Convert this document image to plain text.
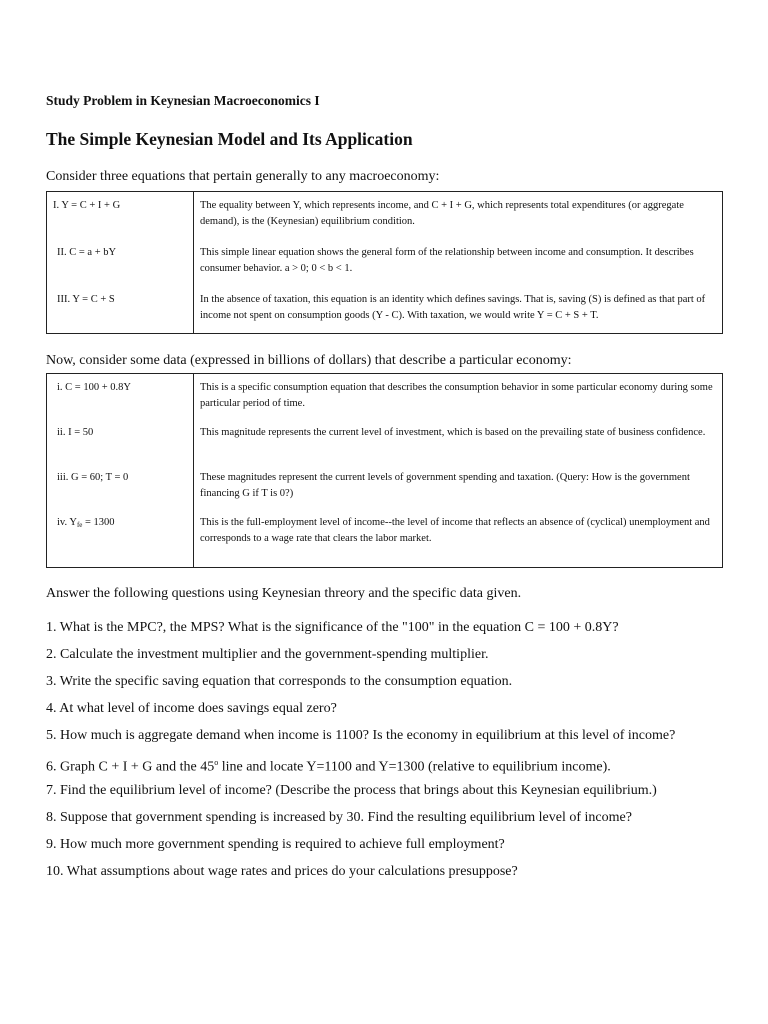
Study Problem in Keynesian Macroeconomics I
The Simple Keynesian Model and Its Application
Consider three equations that pertain generally to any macroeconomy:
I. Y = C + I + G	The equality between Y, which represents income, and C + I + G, which represents total expenditures (or aggregate demand), is the (Keynesian) equilibrium condition.

II. C = a + bY	This simple linear equation shows the general form of the relationship between income and consumption. It describes consumer behavior. a > 0; 0 < b < 1.

III. Y = C + S	In the absence of taxation, this equation is an identity which defines savings. That is, saving (S) is defined as that part of income not spent on consumption goods (Y - C). With taxation, we would write Y = C + S + T.
Now, consider some data (expressed in billions of dollars) that describe a particular economy:
i. C = 100 + 0.8Y	This is a specific consumption equation that describes the consumption behavior in some particular economy during some particular period of time.

ii. I = 50	This magnitude represents the current level of investment, which is based on the prevailing state of business confidence.

iii. G = 60; T = 0	These magnitudes represent the current levels of government spending and taxation. (Query: How is the government financing G if T is 0?)

iv. $Y_{fe} = 1300$	This is the full-employment level of income--the level of income that reflects an absence of (cyclical) unemployment and corresponds to a wage rate that clears the labor market.
Answer the following questions using Keynesian threory and the specific data given.
1. What is the MPC?, the MPS? What is the significance of the "100" in the equation C = 100 + 0.8Y?
2. Calculate the investment multiplier and the government-spending multiplier.
3. Write the specific saving equation that corresponds to the consumption equation.
4. At what level of income does savings equal zero?
5. How much is aggregate demand when income is 1100? Is the economy in equilibrium at this level of income?
6. Graph C + I + G and the 45$^o$ line and locate Y=1100 and Y=1300 (relative to equilibrium income).
7. Find the equilibrium level of income? (Describe the process that brings about this Keynesian equilibrium.)
8. Suppose that government spending is increased by 30. Find the resulting equilibrium level of income?
9. How much more government spending is required to achieve full employment?
10. What assumptions about wage rates and prices do your calculations presuppose?
